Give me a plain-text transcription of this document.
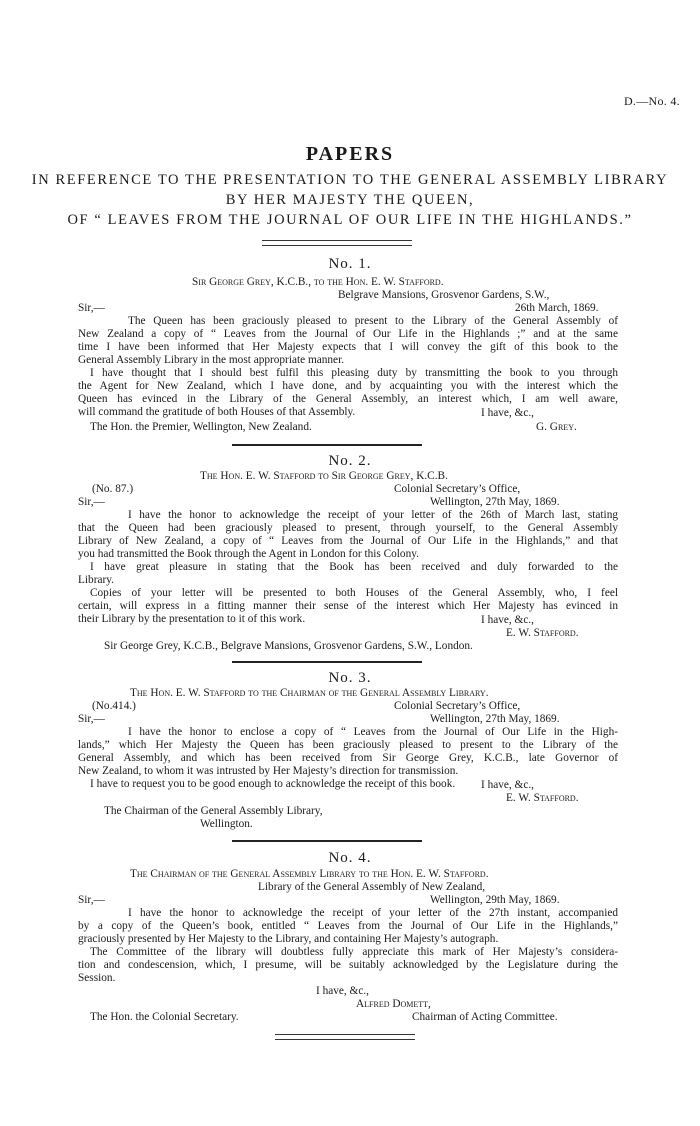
D.—No. 4.
PAPERS
IN REFERENCE TO THE PRESENTATION TO THE GENERAL ASSEMBLY LIBRARY
BY HER MAJESTY THE QUEEN,
OF “ LEAVES FROM THE JOURNAL OF OUR LIFE IN THE HIGHLANDS.”
No. 1.
Sir George Grey, K.C.B., to the Hon. E. W. Stafford.
Belgrave Mansions, Grosvenor Gardens, S.W.,
Sir,—	26th March, 1869.
The Queen has been graciously pleased to present to the Library of the General Assembly of
New Zealand a copy of “ Leaves from the Journal of Our Life in the Highlands ;” and at the same
time I have been informed that Her Majesty expects that I will convey the gift of this book to the
General Assembly Library in the most appropriate manner.
I have thought that I should best fulfil this pleasing duty by transmitting the book to you through
the Agent for New Zealand, which I have done, and by acquainting you with the interest which the
Queen has evinced in the Library of the General Assembly, an interest which, I am well aware,
will command the gratitude of both Houses of that Assembly.	I have, &c.,
The Hon. the Premier, Wellington, New Zealand.	G. Grey.
No. 2.
The Hon. E. W. Stafford to Sir George Grey, K.C.B.
(No. 87.)	Colonial Secretary’s Office,
Sir,—	Wellington, 27th May, 1869.
I have the honor to acknowledge the receipt of your letter of the 26th of March last, stating
that the Queen had been graciously pleased to present, through yourself, to the General Assembly
Library of New Zealand, a copy of “ Leaves from the Journal of Our Life in the Highlands,” and that
you had transmitted the Book through the Agent in London for this Colony.
I have great pleasure in stating that the Book has been received and duly forwarded to the
Library.
Copies of your letter will be presented to both Houses of the General Assembly, who, I feel
certain, will express in a fitting manner their sense of the interest which Her Majesty has evinced in
their Library by the presentation to it of this work.	I have, &c.,
E. W. Stafford.
Sir George Grey, K.C.B., Belgrave Mansions, Grosvenor Gardens, S.W., London.
No. 3.
The Hon. E. W. Stafford to the Chairman of the General Assembly Library.
(No.414.)	Colonial Secretary’s Office,
Sir,—	Wellington, 27th May, 1869.
I have the honor to enclose a copy of “ Leaves from the Journal of Our Life in the High-
lands,” which Her Majesty the Queen has been graciously pleased to present to the Library of the
General Assembly, and which has been received from Sir George Grey, K.C.B., late Governor of
New Zealand, to whom it was intrusted by Her Majesty’s direction for transmission.
I have to request you to be good enough to acknowledge the receipt of this book. I have, &c.,
E. W. Stafford.
The Chairman of the General Assembly Library,
Wellington.
No. 4.
The Chairman of the General Assembly Library to the Hon. E. W. Stafford.
Library of the General Assembly of New Zealand,
Sir,—	Wellington, 29th May, 1869.
I have the honor to acknowledge the receipt of your letter of the 27th instant, accompanied
by a copy of the Queen’s book, entitled “ Leaves from the Journal of Our Life in the Highlands,”
graciously presented by Her Majesty to the Library, and containing Her Majesty’s autograph.
The Committee of the library will doubtless fully appreciate this mark of Her Majesty’s considera-
tion and condescension, which, I presume, will be suitably acknowledged by the Legislature during the
Session.
I have, &c.,
Alfred Domett,
The Hon. the Colonial Secretary.	Chairman of Acting Committee.
